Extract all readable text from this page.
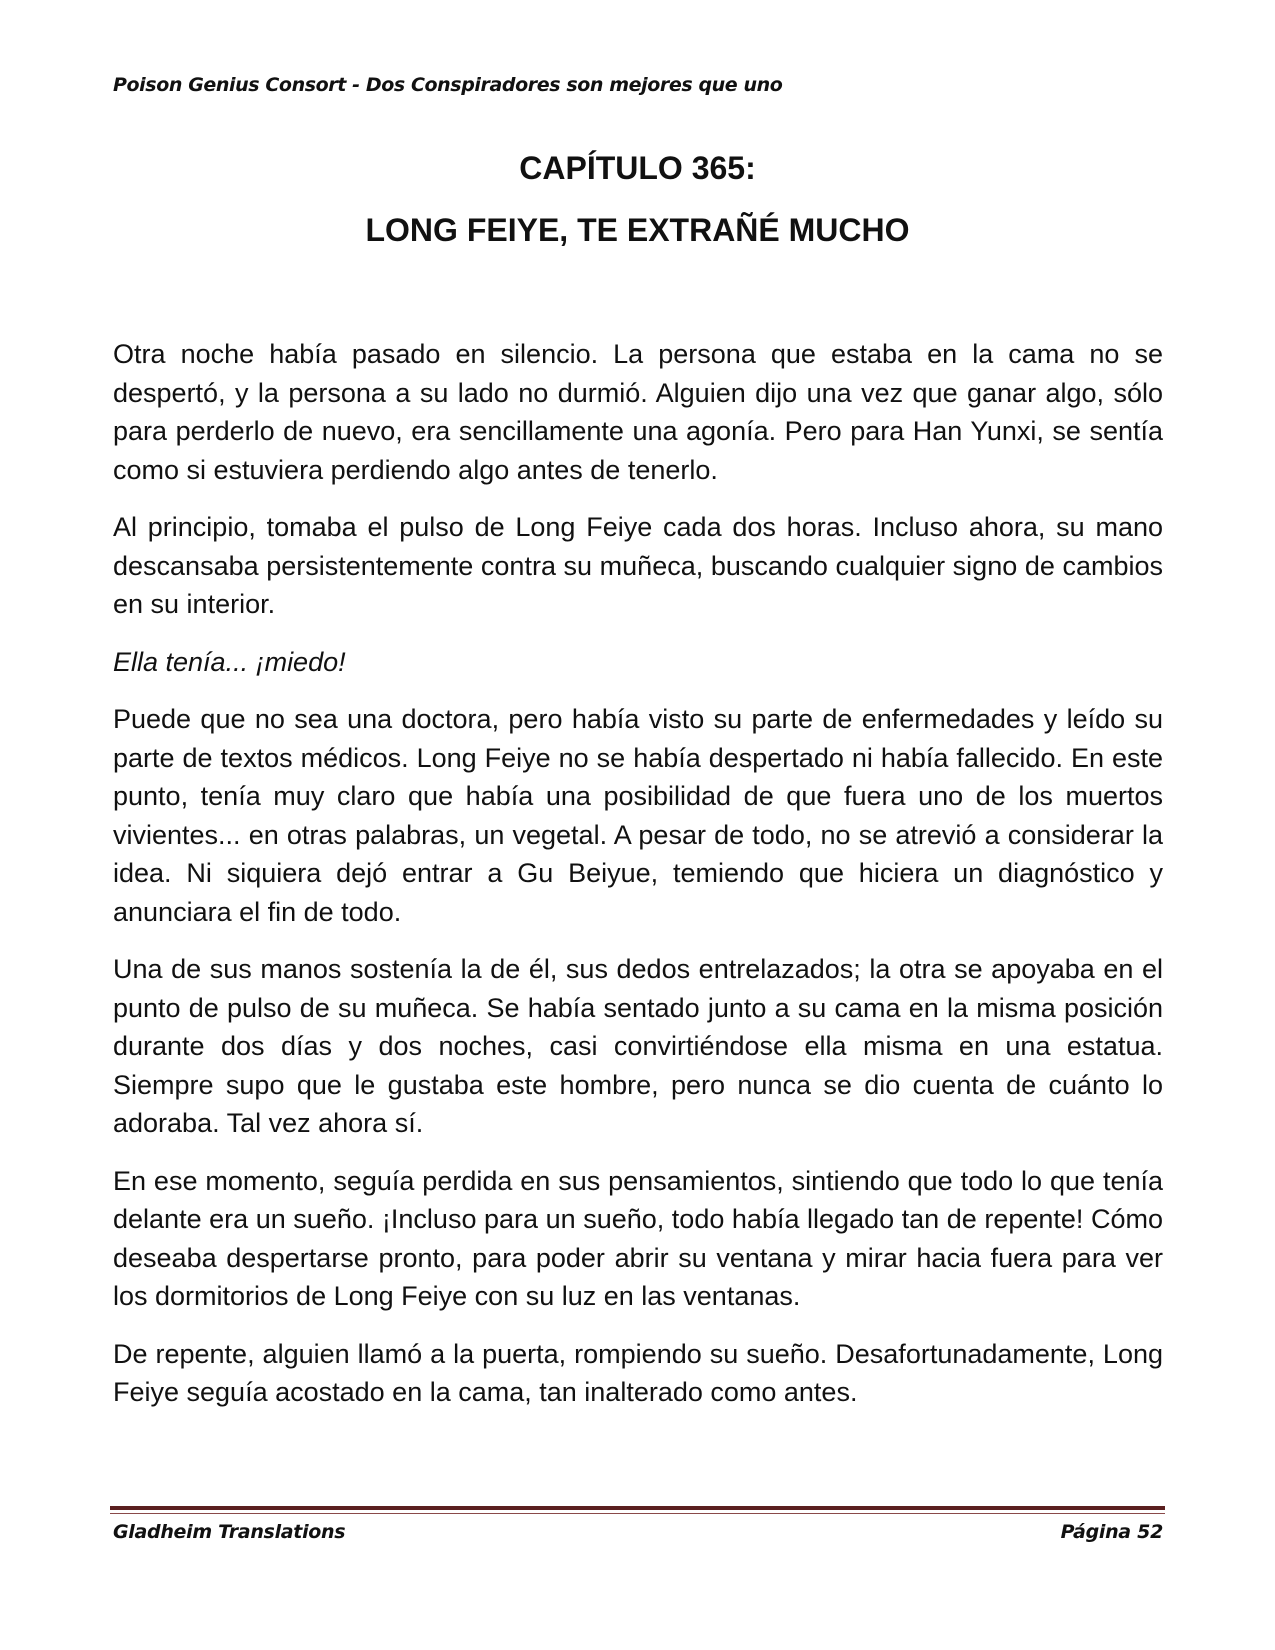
Poison Genius Consort - Dos Conspiradores son mejores que uno
CAPÍTULO 365:
LONG FEIYE, TE EXTRAÑÉ MUCHO

Otra noche había pasado en silencio. La persona que estaba en la cama no se despertó, y la persona a su lado no durmió. Alguien dijo una vez que ganar algo, sólo para perderlo de nuevo, era sencillamente una agonía. Pero para Han Yunxi, se sentía como si estuviera perdiendo algo antes de tenerlo.

Al principio, tomaba el pulso de Long Feiye cada dos horas. Incluso ahora, su mano descansaba persistentemente contra su muñeca, buscando cualquier signo de cambios en su interior.

Ella tenía... ¡miedo!

Puede que no sea una doctora, pero había visto su parte de enfermedades y leído su parte de textos médicos. Long Feiye no se había despertado ni había fallecido. En este punto, tenía muy claro que había una posibilidad de que fuera uno de los muertos vivientes... en otras palabras, un vegetal. A pesar de todo, no se atrevió a considerar la idea. Ni siquiera dejó entrar a Gu Beiyue, temiendo que hiciera un diagnóstico y anunciara el fin de todo.

Una de sus manos sostenía la de él, sus dedos entrelazados; la otra se apoyaba en el punto de pulso de su muñeca. Se había sentado junto a su cama en la misma posición durante dos días y dos noches, casi convirtiéndose ella misma en una estatua. Siempre supo que le gustaba este hombre, pero nunca se dio cuenta de cuánto lo adoraba. Tal vez ahora sí.

En ese momento, seguía perdida en sus pensamientos, sintiendo que todo lo que tenía delante era un sueño. ¡Incluso para un sueño, todo había llegado tan de repente! Cómo deseaba despertarse pronto, para poder abrir su ventana y mirar hacia fuera para ver los dormitorios de Long Feiye con su luz en las ventanas.

De repente, alguien llamó a la puerta, rompiendo su sueño. Desafortunadamente, Long Feiye seguía acostado en la cama, tan inalterado como antes.

Gladheim Translations	Página 52
